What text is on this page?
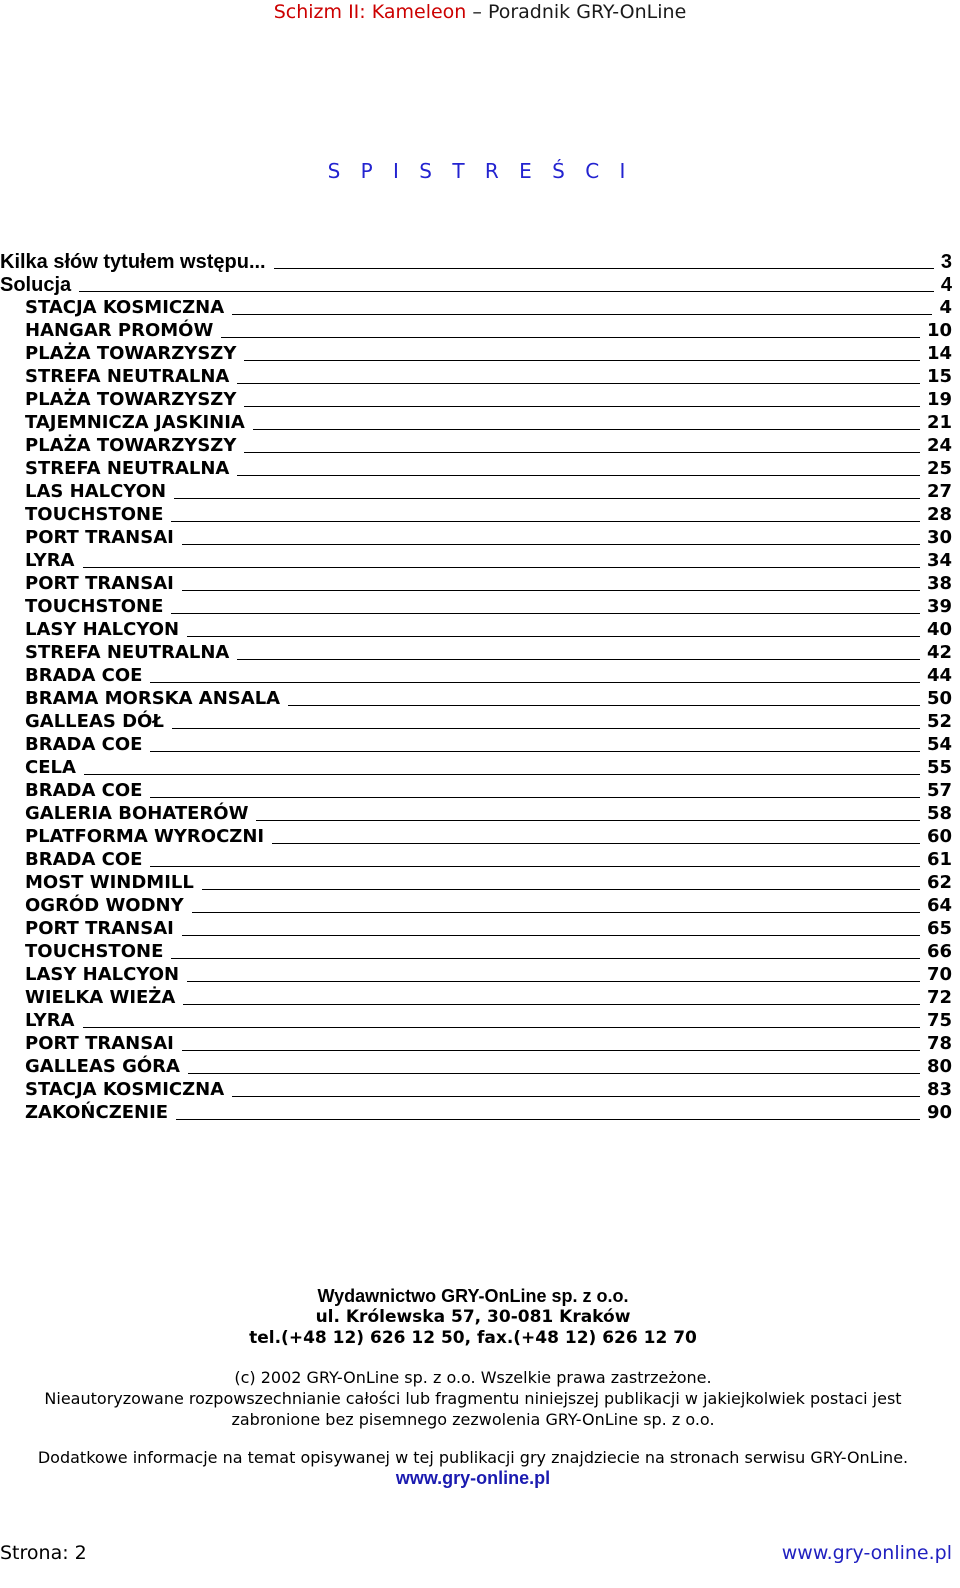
Schizm II: Kameleon – Poradnik GRY-OnLine
S P I S T R E Ś C I
Kilka słów tytułem wstępu...	3
Solucja	4
STACJA KOSMICZNA	4
HANGAR PROMÓW	10
PLAŻA TOWARZYSZY	14
STREFA NEUTRALNA	15
PLAŻA TOWARZYSZY	19
TAJEMNICZA JASKINIA	21
PLAŻA TOWARZYSZY	24
STREFA NEUTRALNA	25
LAS HALCYON	27
TOUCHSTONE	28
PORT TRANSAI	30
LYRA	34
PORT TRANSAI	38
TOUCHSTONE	39
LASY HALCYON	40
STREFA NEUTRALNA	42
BRADA COE	44
BRAMA MORSKA ANSALA	50
GALLEAS DÓŁ	52
BRADA COE	54
CELA	55
BRADA COE	57
GALERIA BOHATERÓW	58
PLATFORMA WYROCZNI	60
BRADA COE	61
MOST WINDMILL	62
OGRÓD WODNY	64
PORT TRANSAI	65
TOUCHSTONE	66
LASY HALCYON	70
WIELKA WIEŻA	72
LYRA	75
PORT TRANSAI	78
GALLEAS GÓRA	80
STACJA KOSMICZNA	83
ZAKOŃCZENIE	90
Wydawnictwo GRY-OnLine sp. z o.o.
ul. Królewska 57, 30-081 Kraków
tel.(+48 12) 626 12 50, fax.(+48 12) 626 12 70
(c) 2002 GRY-OnLine sp. z o.o. Wszelkie prawa zastrzeżone.
Nieautoryzowane rozpowszechnianie całości lub fragmentu niniejszej publikacji w jakiejkolwiek postaci jest
zabronione bez pisemnego zezwolenia GRY-OnLine sp. z o.o.
Dodatkowe informacje na temat opisywanej w tej publikacji gry znajdziecie na stronach serwisu GRY-OnLine.
www.gry-online.pl
Strona: 2	www.gry-online.pl
